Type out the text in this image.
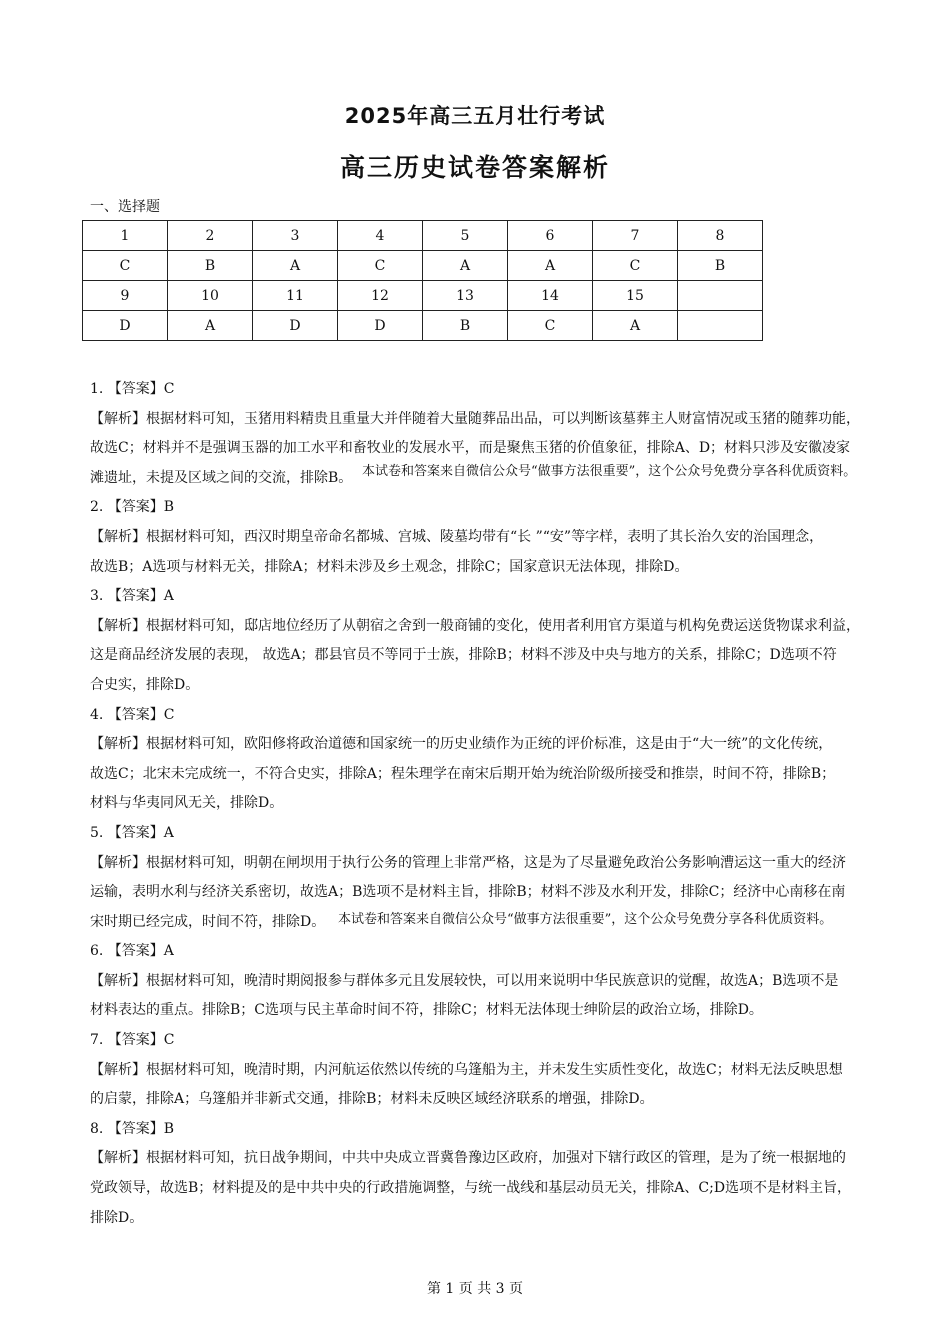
2025年高三五月壮行考试
高三历史试卷答案解析
一、选择题
1	2	3	4	5	6	7	8
C	B	A	C	A	A	C	B
9	10	11	12	13	14	15	
D	A	D	D	B	C	A	
1. 【答案】C
【解析】根据材料可知，玉猪用料精贵且重量大并伴随着大量随葬品出品，可以判断该墓葬主人财富情况或玉猪的随葬功能，
故选C；材料并不是强调玉器的加工水平和畜牧业的发展水平，而是聚焦玉猪的价值象征，排除A、D；材料只涉及安徽凌家
滩遗址，未提及区域之间的交流，排除B。
2. 【答案】B
【解析】根据材料可知，西汉时期皇帝命名都城、宫城、陵墓均带有“长 ”“安”等字样，表明了其长治久安的治国理念，
故选B；A选项与材料无关，排除A；材料未涉及乡土观念，排除C；国家意识无法体现，排除D。
3. 【答案】A
【解析】根据材料可知，邸店地位经历了从朝宿之舍到一般商铺的变化，使用者利用官方渠道与机构免费运送货物谋求利益，
这是商品经济发展的表现， 故选A；郡县官员不等同于士族，排除B；材料不涉及中央与地方的关系，排除C；D选项不符
合史实，排除D。
4. 【答案】C
【解析】根据材料可知，欧阳修将政治道德和国家统一的历史业绩作为正统的评价标准，这是由于“大一统”的文化传统，
故选C；北宋未完成统一，不符合史实，排除A；程朱理学在南宋后期开始为统治阶级所接受和推崇，时间不符，排除B；
材料与华夷同风无关，排除D。
5. 【答案】A
【解析】根据材料可知，明朝在闸坝用于执行公务的管理上非常严格，这是为了尽量避免政治公务影响漕运这一重大的经济
运输，表明水利与经济关系密切，故选A；B选项不是材料主旨，排除B；材料不涉及水利开发，排除C；经济中心南移在南
宋时期已经完成，时间不符，排除D。
6. 【答案】A
【解析】根据材料可知，晚清时期阅报参与群体多元且发展较快，可以用来说明中华民族意识的觉醒，故选A；B选项不是
材料表达的重点。排除B；C选项与民主革命时间不符，排除C；材料无法体现士绅阶层的政治立场，排除D。
7. 【答案】C
【解析】根据材料可知，晚清时期，内河航运依然以传统的乌篷船为主，并未发生实质性变化，故选C；材料无法反映思想
的启蒙，排除A；乌篷船并非新式交通，排除B；材料未反映区域经济联系的增强，排除D。
8. 【答案】B
【解析】根据材料可知，抗日战争期间，中共中央成立晋冀鲁豫边区政府，加强对下辖行政区的管理，是为了统一根据地的
党政领导，故选B；材料提及的是中共中央的行政措施调整，与统一战线和基层动员无关，排除A、C;D选项不是材料主旨，
排除D。
本试卷和答案来自微信公众号“做事方法很重要”，这个公众号免费分享各科优质资料。
本试卷和答案来自微信公众号“做事方法很重要”，这个公众号免费分享各科优质资料。
第 1 页 共 3 页
